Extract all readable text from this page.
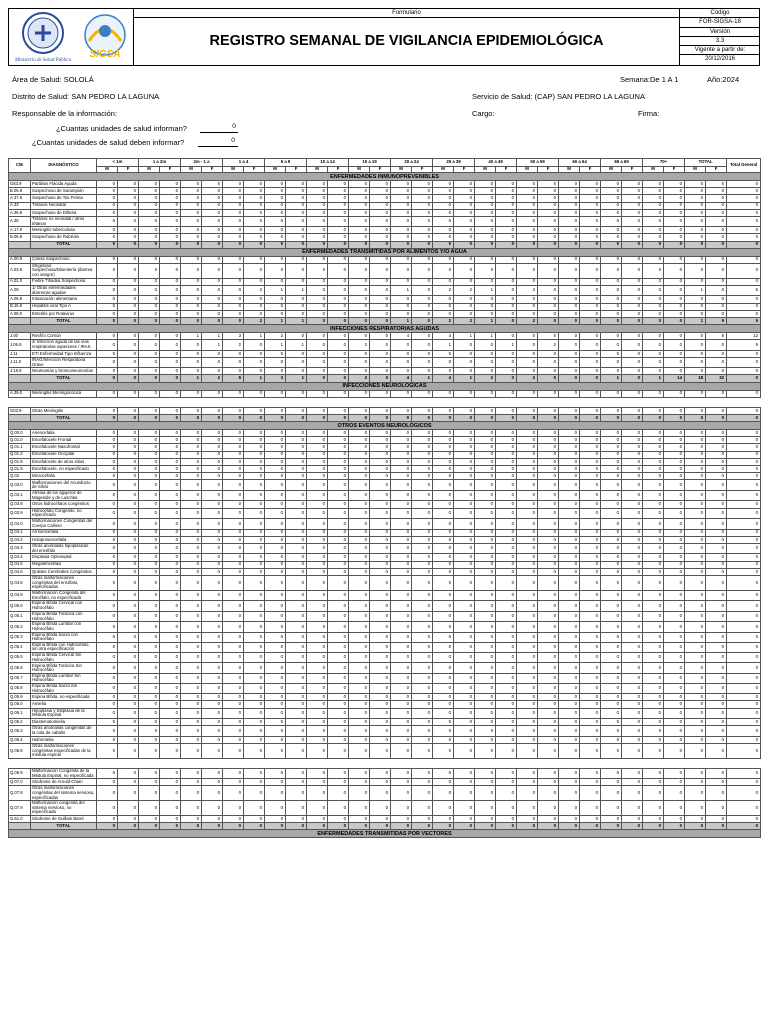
Ministerio de Salud Pública
SIGSA
Formulario
REGISTRO SEMANAL DE VIGILANCIA EPIDEMIOLÓGICA
Código
FOR-SIGSA-18
Versión
3.3
Vigente a partir de:
20/12/2016
Área de Salud: SOLOLÁ	Semana:De 1 A 1	Año:2024
Distrito de Salud: SAN PEDRO LA LAGUNA	Servicio de Salud: (CAP) SAN PEDRO LA LAGUNA
Responsable de la información:	Cargo:	Firma:
¿Cuantas unidades de salud informan?	0
¿Cuantas unidades de salud deben informar?	0
CIE	DIAGNÓSTICO	< 1m		1 a 2m		2m - 1 a		1 a 4		5 a 9		10 a 14		15 a 19		20 a 24		25 a 39		40 a 49		50 a 59		60 a 64		65 a 69		70+		TOTAL		Total General
		M	F	M	F	M	F	M	F	M	F	M	F	M	F	M	F	M	F	M	F	M	F	M	F	M	F	M	F	M	F	
ENFERMEDADES INMUNOPREVENIBLES																																
G83.9	Parálisis Flácida Aguda	0	0	0	0	0	0	0	0	0	0	0	0	0	0	0	0	0	0	0	0	0	0	0	0	0	0	0	0	0	0	0
B.05.9	Sospechoso de Sarampión	0	0	0	0	0	0	0	0	0	0	0	0	0	0	0	0	0	0	0	0	0	0	0	0	0	0	0	0	0	0	0
A.37.9	Sospechoso de Tos Ferina	0	0	0	0	0	0	0	0	0	0	0	0	0	0	0	0	0	0	0	0	0	0	0	0	0	0	0	0	0	0	0
A.33	Tétanos Neonatal	0	0	0	0	0	0	0	0	0	0	0	0	0	0	0	0	0	0	0	0	0	0	0	0	0	0	0	0	0	0	0
A.36.9	Sospechoso de Difteria	0	0	0	0	0	0	0	0	0	0	0	0	0	0	0	0	0	0	0	0	0	0	0	0	0	0	0	0	0	0	0
A.35	Tétanos no neonatal / otros tétanos	0	0	0	0	0	0	0	0	0	0	0	0	0	0	0	0	0	0	0	0	0	0	0	0	0	0	0	0	0	0	0
A.17.0	Meningitis tuberculosa	0	0	0	0	0	0	0	0	0	0	0	0	0	0	0	0	0	0	0	0	0	0	0	0	0	0	0	0	0	0	0
B.06.9	Sospechoso de Rubéola	0	0	0	0	0	0	0	0	0	0	0	0	0	0	0	0	0	0	0	0	0	0	0	0	0	0	0	0	0	0	0
	TOTAL	0	0	0	0	0	0	0	0	0	0	0	0	0	0	0	0	0	0	0	0	0	0	0	0	0	0	0	0	0	0	0
ENFERMEDADES TRANSMITIDAS POR ALIMENTOS Y/O AGUA																																
A.00.9	Cólera Sospechoso	0	0	0	0	0	0	0	0	0	0	0	0	0	0	0	0	0	0	0	0	0	0	0	0	0	0	0	0	0	0	0
A.03.9	Shigelosis Sospechosa/Disentería (diarrea con sangre)	0	0	0	0	0	0	0	0	0	0	0	0	0	0	0	0	0	0	0	0	0	0	0	0	0	0	0	0	0	0	0
A.01.0	Fiebre Tifoidea Sospechosa	0	0	0	0	0	0	0	0	0	0	0	0	0	0	0	0	0	0	0	0	0	0	0	0	0	0	0	0	0	0	0
A.09	1/ Otras enfermedades diarreicas agudas	0	0	0	0	0	0	0	2	1	1	0	0	0	0	1	0	2	2	1	0	2	0	0	0	0	0	0	0	1	0	5
A.05.9	Intoxicación alimentaria	0	0	0	0	0	0	0	0	0	0	0	0	0	0	0	0	0	0	0	0	0	0	0	0	0	0	0	0	0	0	0
B.15.9	Hepatitis viral Tipo A	0	0	0	0	0	0	0	0	0	0	0	0	0	0	0	0	0	0	0	0	0	0	0	0	0	0	0	0	0	0	0
A.08.0	Enteritis por Rotavirus	0	0	0	0	0	0	0	0	0	0	0	0	0	0	0	0	0	0	0	0	0	0	0	0	0	0	0	0	0	0	0
	TOTAL	0	0	0	0	0	0	0	2	1	1	0	0	0	0	1	0	2	2	1	0	2	0	0	0	0	0	0	0	1	9	5
INFECCIONES RESPIRATORIAS AGUDAS																																
J.00	Resfrío Común	0	0	0	0	1	1	3	1	2	0	0	0	0	0	4	0	4	1	1	0	0	0	0	0	0	0	0	0	0	8	12
J.06.9	2/ Infección aguda de las vías respiratorias superiores / IRAS	0	0	0	0	0	1	2	0	1	1	0	0	2	0	0	0	1	0	0	1	0	2	0	0	0	0	0	0	0	0	6
J.11	ETI Enfermedad Tipo Influenza	0	0	0	0	0	0	0	0	0	0	0	0	0	0	0	0	0	0	0	0	0	0	0	0	0	0	0	0	0	0	0
J.11.0	IRAG/Infección Respiratoria Grave	0	0	0	0	0	0	0	0	0	0	0	0	0	0	0	0	0	0	0	0	0	0	0	0	0	0	0	0	0	0	0
J.18.9	Neumonías y bronconeumonías	0	0	0	0	0	0	0	0	0	0	0	0	0	0	0	0	0	0	0	0	0	0	0	0	0	0	0	0	0	0	0
	TOTAL	0	0	0	0	1	2	5	1	3	1	0	0	2	0	4	1	4	1	2	0	2	0	0	0	1	0	1	14	18	32	0
INFECCIONES NEUROLÓGICAS																																
A.39.0	Meningitis Meningocócica	0	0	0	0	0	0	0	0	0	0	0	0	0	0	0	0	0	0	0	0	0	0	0	0	0	0	0	0	0	0	0

G03.9	Otras Meningitis	0	0	0	0	0	0	0	0	0	0	0	0	0	0	0	0	0	0	0	0	0	0	0	0	0	0	0	0	0	0	0
	TOTAL	0	0	0	0	0	0	0	0	0	0	0	0	0	0	0	0	0	0	0	0	0	0	0	0	0	0	0	0	0	0	0
OTROS EVENTOS NEUROLÓGICOS																																
Q.00.0	Anencefalia	0	0	0	0	0	0	0	0	0	0	0	0	0	0	0	0	0	0	0	0	0	0	0	0	0	0	0	0	0	0	0
Q.01.0	Encefalocele Frontal	0	0	0	0	0	0	0	0	0	0	0	0	0	0	0	0	0	0	0	0	0	0	0	0	0	0	0	0	0	0	0
Q.01.1	Encefalocele Nasofrontal	0	0	0	0	0	0	0	0	0	0	0	0	0	0	0	0	0	0	0	0	0	0	0	0	0	0	0	0	0	0	0
Q.01.2	Encefalocele Occipital	0	0	0	0	0	0	0	0	0	0	0	0	0	0	0	0	0	0	0	0	0	0	0	0	0	0	0	0	0	0	0
Q.01.8	Encefalocele de otros sitios	0	0	0	0	0	0	0	0	0	0	0	0	0	0	0	0	0	0	0	0	0	0	0	0	0	0	0	0	0	0	0
Q.01.9	Encefalocele, no especificado	0	0	0	0	0	0	0	0	0	0	0	0	0	0	0	0	0	0	0	0	0	0	0	0	0	0	0	0	0	0	0
Q.02	Microcefalia	0	0	0	0	0	0	0	0	0	0	0	0	0	0	0	0	0	0	0	0	0	0	0	0	0	0	0	0	0	0	0
Q.03.0	Malformaciones del Acueducto de Silvio	0	0	0	0	0	0	0	0	0	0	0	0	0	0	0	0	0	0	0	0	0	0	0	0	0	0	0	0	0	0	0
Q.03.1	Atresia de los agujeros de Magendie y de Luschka	0	0	0	0	0	0	0	0	0	0	0	0	0	0	0	0	0	0	0	0	0	0	0	0	0	0	0	0	0	0	0
Q.03.8	Otros hidrocéfalos congénitos	0	0	0	0	0	0	0	0	0	0	0	0	0	0	0	0	0	0	0	0	0	0	0	0	0	0	0	0	0	0	0
Q.03.9	Hidrocéfalo Congénito, no especificado	0	0	0	0	0	0	0	0	0	0	0	0	0	0	0	0	0	0	0	0	0	0	0	0	0	0	0	0	0	0	0
Q.04.0	Malformaciones Congénitas del Cuerpo Calloso	0	0	0	0	0	0	0	0	0	0	0	0	0	0	0	0	0	0	0	0	0	0	0	0	0	0	0	0	0	0	0
Q.04.1	Arrinencefalia	0	0	0	0	0	0	0	0	0	0	0	0	0	0	0	0	0	0	0	0	0	0	0	0	0	0	0	0	0	0	0
Q.04.2	Holoprosencefalia	0	0	0	0	0	0	0	0	0	0	0	0	0	0	0	0	0	0	0	0	0	0	0	0	0	0	0	0	0	0	0
Q.04.3	Otras anomalías hipoplásicas del encéfalo	0	0	0	0	0	0	0	0	0	0	0	0	0	0	0	0	0	0	0	0	0	0	0	0	0	0	0	0	0	0	0
Q.04.4	Displasia Optoseptal	0	0	0	0	0	0	0	0	0	0	0	0	0	0	0	0	0	0	0	0	0	0	0	0	0	0	0	0	0	0	0
Q.04.5	Megalencefalia	0	0	0	0	0	0	0	0	0	0	0	0	0	0	0	0	0	0	0	0	0	0	0	0	0	0	0	0	0	0	0
Q.04.6	Quistes Cerebrales Congénitos	0	0	0	0	0	0	0	0	0	0	0	0	0	0	0	0	0	0	0	0	0	0	0	0	0	0	0	0	0	0	0
Q.04.8	Otras malformaciones congénitas del encéfalo, especificadas	0	0	0	0	0	0	0	0	0	0	0	0	0	0	0	0	0	0	0	0	0	0	0	0	0	0	0	0	0	0	0
Q.04.9	Malformación Congénita del Encéfalo, no especificada	0	0	0	0	0	0	0	0	0	0	0	0	0	0	0	0	0	0	0	0	0	0	0	0	0	0	0	0	0	0	0
Q.05.0	Espina Bífida Cervical con Hidrocéfalo	0	0	0	0	0	0	0	0	0	0	0	0	0	0	0	0	0	0	0	0	0	0	0	0	0	0	0	0	0	0	0
Q.05.1	Espina Bífida Torácica con Hidrocéfalo	0	0	0	0	0	0	0	0	0	0	0	0	0	0	0	0	0	0	0	0	0	0	0	0	0	0	0	0	0	0	0
Q.05.2	Espina Bífida Lumbar con Hidrocéfalo	0	0	0	0	0	0	0	0	0	0	0	0	0	0	0	0	0	0	0	0	0	0	0	0	0	0	0	0	0	0	0
Q.05.3	Espina Bífida Sacra con Hidrocéfalo	0	0	0	0	0	0	0	0	0	0	0	0	0	0	0	0	0	0	0	0	0	0	0	0	0	0	0	0	0	0	0
Q.05.4	Espina Bífida con Hidrocéfalo, sin otra especificación	0	0	0	0	0	0	0	0	0	0	0	0	0	0	0	0	0	0	0	0	0	0	0	0	0	0	0	0	0	0	0
Q.05.5	Espina Bífida Cervical Sin Hidrocéfalo	0	0	0	0	0	0	0	0	0	0	0	0	0	0	0	0	0	0	0	0	0	0	0	0	0	0	0	0	0	0	0
Q.05.6	Espina Bífida Torácica Sin Hidrocéfalo	0	0	0	0	0	0	0	0	0	0	0	0	0	0	0	0	0	0	0	0	0	0	0	0	0	0	0	0	0	0	0
Q.05.7	Espina Bífida Lumbar Sin Hidrocéfalo	0	0	0	0	0	0	0	0	0	0	0	0	0	0	0	0	0	0	0	0	0	0	0	0	0	0	0	0	0	0	0
Q.05.8	Espina Bífida Sacra Sin Hidrocéfalo	0	0	0	0	0	0	0	0	0	0	0	0	0	0	0	0	0	0	0	0	0	0	0	0	0	0	0	0	0	0	0
Q.05.9	Espina Bífida, no especificada	0	0	0	0	0	0	0	0	0	0	0	0	0	0	0	0	0	0	0	0	0	0	0	0	0	0	0	0	0	0	0
Q.06.0	Amielia	0	0	0	0	0	0	0	0	0	0	0	0	0	0	0	0	0	0	0	0	0	0	0	0	0	0	0	0	0	0	0
Q.06.1	Hipoplasia y Displasia de la Médula Espinal	0	0	0	0	0	0	0	0	0	0	0	0	0	0	0	0	0	0	0	0	0	0	0	0	0	0	0	0	0	0	0
Q.06.2	Diastematomielia	0	0	0	0	0	0	0	0	0	0	0	0	0	0	0	0	0	0	0	0	0	0	0	0	0	0	0	0	0	0	0
Q.06.3	Otras anomalías congénitas de la cola de caballo	0	0	0	0	0	0	0	0	0	0	0	0	0	0	0	0	0	0	0	0	0	0	0	0	0	0	0	0	0	0	0
Q.06.4	Hidromielia	0	0	0	0	0	0	0	0	0	0	0	0	0	0	0	0	0	0	0	0	0	0	0	0	0	0	0	0	0	0	0
Q.06.8	Otras malformaciones congénitas especificadas de la médula espinal	0	0	0	0	0	0	0	0	0	0	0	0	0	0	0	0	0	0	0	0	0	0	0	0	0	0	0	0	0	0	0

Q.06.9	Malformación Congénita de la Médula Espinal, no especificada	0	0	0	0	0	0	0	0	0	0	0	0	0	0	0	0	0	0	0	0	0	0	0	0	0	0	0	0	0	0	0
Q.07.0	Síndrome de Arnold-Chiari	0	0	0	0	0	0	0	0	0	0	0	0	0	0	0	0	0	0	0	0	0	0	0	0	0	0	0	0	0	0	0
Q.07.8	Otras malformaciones congénitas del sistema nervioso, especificadas	0	0	0	0	0	0	0	0	0	0	0	0	0	0	0	0	0	0	0	0	0	0	0	0	0	0	0	0	0	0	0
Q.07.9	Malformación congénita del sistema nervioso, no especificada	0	0	0	0	0	0	0	0	0	0	0	0	0	0	0	0	0	0	0	0	0	0	0	0	0	0	0	0	0	0	0
G.61.0	Síndrome de Guillain Barré	0	0	0	0	0	0	0	0	0	0	0	0	0	0	0	0	0	0	0	0	0	0	0	0	0	0	0	0	0	0	0
	TOTAL	0	0	0	0	0	0	0	0	0	0	0	0	0	0	0	0	0	0	0	0	0	0	0	0	0	0	0	0	0	0	0
ENFERMEDADES TRANSMITIDAS POR VECTORES																																
